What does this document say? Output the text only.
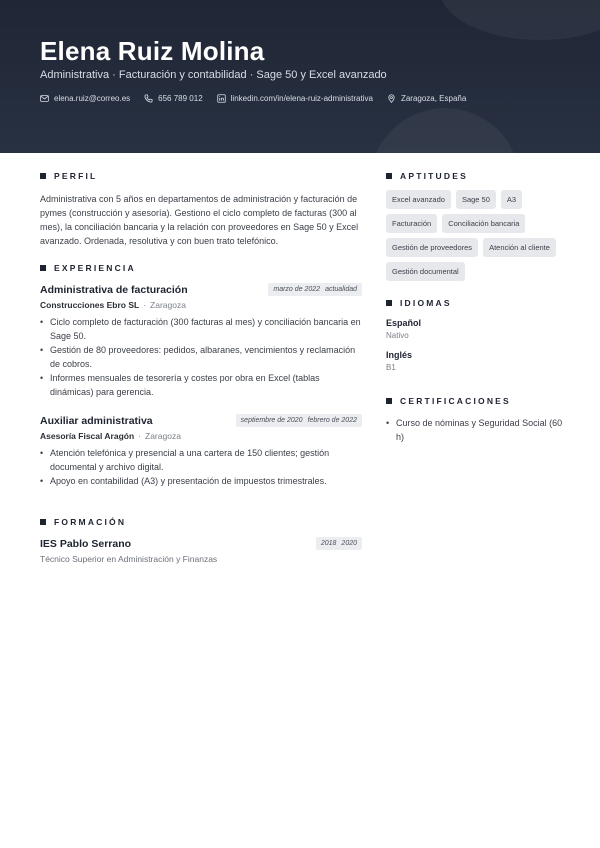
Elena Ruiz Molina
Administrativa · Facturación y contabilidad · Sage 50 y Excel avanzado
elena.ruiz@correo.es	656 789 012	linkedin.com/in/elena-ruiz-administrativa	Zaragoza, España
PERFIL
Administrativa con 5 años en departamentos de administración y facturación de pymes (construcción y asesoría). Gestiono el ciclo completo de facturas (300 al mes), la conciliación bancaria y la relación con proveedores en Sage 50 y Excel avanzado. Ordenada, resolutiva y con buen trato telefónico.
EXPERIENCIA
Administrativa de facturación	marzo de 2022 actualidad
Construcciones Ebro SL · Zaragoza
• Ciclo completo de facturación (300 facturas al mes) y conciliación bancaria en Sage 50.
• Gestión de 80 proveedores: pedidos, albaranes, vencimientos y reclamación de cobros.
• Informes mensuales de tesorería y costes por obra en Excel (tablas dinámicas) para gerencia.
Auxiliar administrativa	septiembre de 2020 febrero de 2022
Asesoría Fiscal Aragón · Zaragoza
• Atención telefónica y presencial a una cartera de 150 clientes; gestión documental y archivo digital.
• Apoyo en contabilidad (A3) y presentación de impuestos trimestrales.
FORMACIÓN
IES Pablo Serrano	2018 2020
Técnico Superior en Administración y Finanzas
APTITUDES
Excel avanzado	Sage 50	A3
Facturación	Conciliación bancaria
Gestión de proveedores	Atención al cliente
Gestión documental
IDIOMAS
Español
Nativo
Inglés
B1
CERTIFICACIONES
• Curso de nóminas y Seguridad Social (60 h)
